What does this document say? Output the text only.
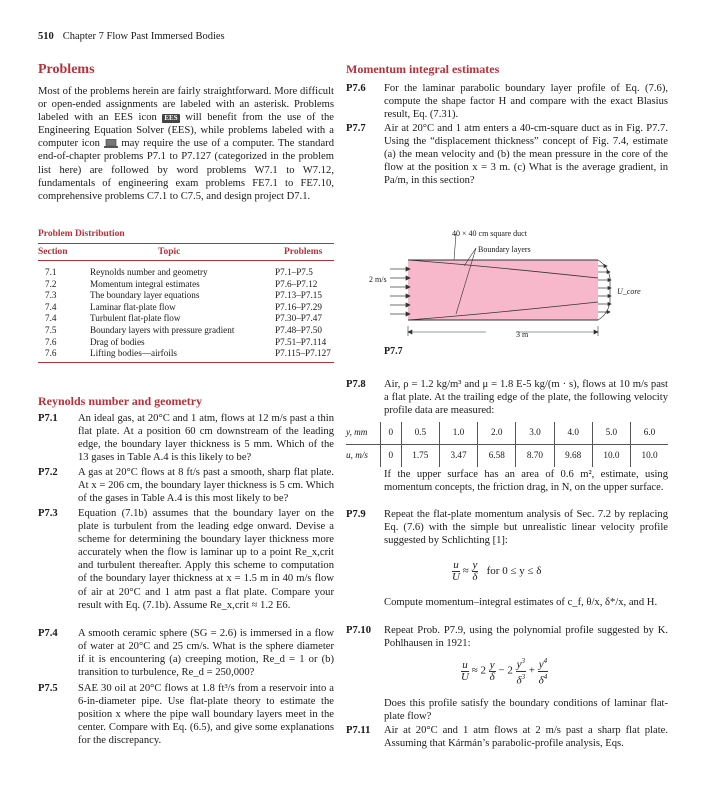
510 Chapter 7 Flow Past Immersed Bodies
Problems
Most of the problems herein are fairly straightforward. More difficult or open-ended assignments are labeled with an asterisk. Problems labeled with an EES icon EES will benefit from the use of the Engineering Equation Solver (EES), while problems labeled with a computer icon may require the use of a computer. The standard end-of-chapter problems P7.1 to P7.127 (categorized in the problem list here) are followed by word problems W7.1 to W7.12, fundamentals of engineering exam problems FE7.1 to FE7.10, comprehensive problems C7.1 to C7.5, and design project D7.1.
Problem Distribution
Section	Topic	Problems
7.1	Reynolds number and geometry	P7.1–P7.5
7.2	Momentum integral estimates	P7.6–P7.12
7.3	The boundary layer equations	P7.13–P7.15
7.4	Laminar flat-plate flow	P7.16–P7.29
7.4	Turbulent flat-plate flow	P7.30–P7.47
7.5	Boundary layers with pressure gradient	P7.48–P7.50
7.6	Drag of bodies	P7.51–P7.114
7.6	Lifting bodies—airfoils	P7.115–P7.127
Reynolds number and geometry
P7.1 An ideal gas, at 20°C and 1 atm, flows at 12 m/s past a thin flat plate. At a position 60 cm downstream of the leading edge, the boundary layer thickness is 5 mm. Which of the 13 gases in Table A.4 is this likely to be?
P7.2 A gas at 20°C flows at 8 ft/s past a smooth, sharp flat plate. At x = 206 cm, the boundary layer thickness is 5 cm. Which of the gases in Table A.4 is this most likely to be?
P7.3 Equation (7.1b) assumes that the boundary layer on the plate is turbulent from the leading edge onward. Devise a scheme for determining the boundary layer thickness more accurately when the flow is laminar up to a point Re_x,crit and turbulent thereafter. Apply this scheme to computation of the boundary layer thickness at x = 1.5 m in 40 m/s flow of air at 20°C and 1 atm past a flat plate. Compare your result with Eq. (7.1b). Assume Re_x,crit ≈ 1.2 E6.
P7.4 A smooth ceramic sphere (SG = 2.6) is immersed in a flow of water at 20°C and 25 cm/s. What is the sphere diameter if it is encountering (a) creeping motion, Re_d = 1 or (b) transition to turbulence, Re_d = 250,000?
P7.5 SAE 30 oil at 20°C flows at 1.8 ft³/s from a reservoir into a 6-in-diameter pipe. Use flat-plate theory to estimate the position x where the pipe wall boundary layers meet in the center. Compare with Eq. (6.5), and give some explanations for the discrepancy.
Momentum integral estimates
P7.6 For the laminar parabolic boundary layer profile of Eq. (7.6), compute the shape factor H and compare with the exact Blasius result, Eq. (7.31).
P7.7 Air at 20°C and 1 atm enters a 40-cm-square duct as in Fig. P7.7. Using the “displacement thickness” concept of Fig. 7.4, estimate (a) the mean velocity and (b) the mean pressure in the core of the flow at the position x = 3 m. (c) What is the average gradient, in Pa/m, in this section?
40 × 40 cm square duct
Boundary layers
2 m/s
U_core
3 m
P7.7
P7.8 Air, ρ = 1.2 kg/m³ and μ = 1.8 E-5 kg/(m · s), flows at 10 m/s past a flat plate. At the trailing edge of the plate, the following velocity profile data are measured:
y, mm	0	0.5	1.0	2.0	3.0	4.0	5.0	6.0
u, m/s	0	1.75	3.47	6.58	8.70	9.68	10.0	10.0
If the upper surface has an area of 0.6 m², estimate, using momentum concepts, the friction drag, in N, on the upper surface.
P7.9 Repeat the flat-plate momentum analysis of Sec. 7.2 by replacing Eq. (7.6) with the simple but unrealistic linear velocity profile suggested by Schlichting [1]:
$\frac{u}{U} \approx \frac{y}{\delta}$ for 0 ≤ y ≤ δ
Compute momentum–integral estimates of c_f, θ/x, δ*/x, and H.
P7.10 Repeat Prob. P7.9, using the polynomial profile suggested by K. Pohlhausen in 1921:
$\frac{u}{U} \approx 2 \frac{y}{\delta} - 2 \frac{y^3}{\delta^3} + \frac{y^4}{\delta^4}$
Does this profile satisfy the boundary conditions of laminar flat-plate flow?
P7.11 Air at 20°C and 1 atm flows at 2 m/s past a sharp flat plate. Assuming that Kármán’s parabolic-profile analysis, Eqs.
